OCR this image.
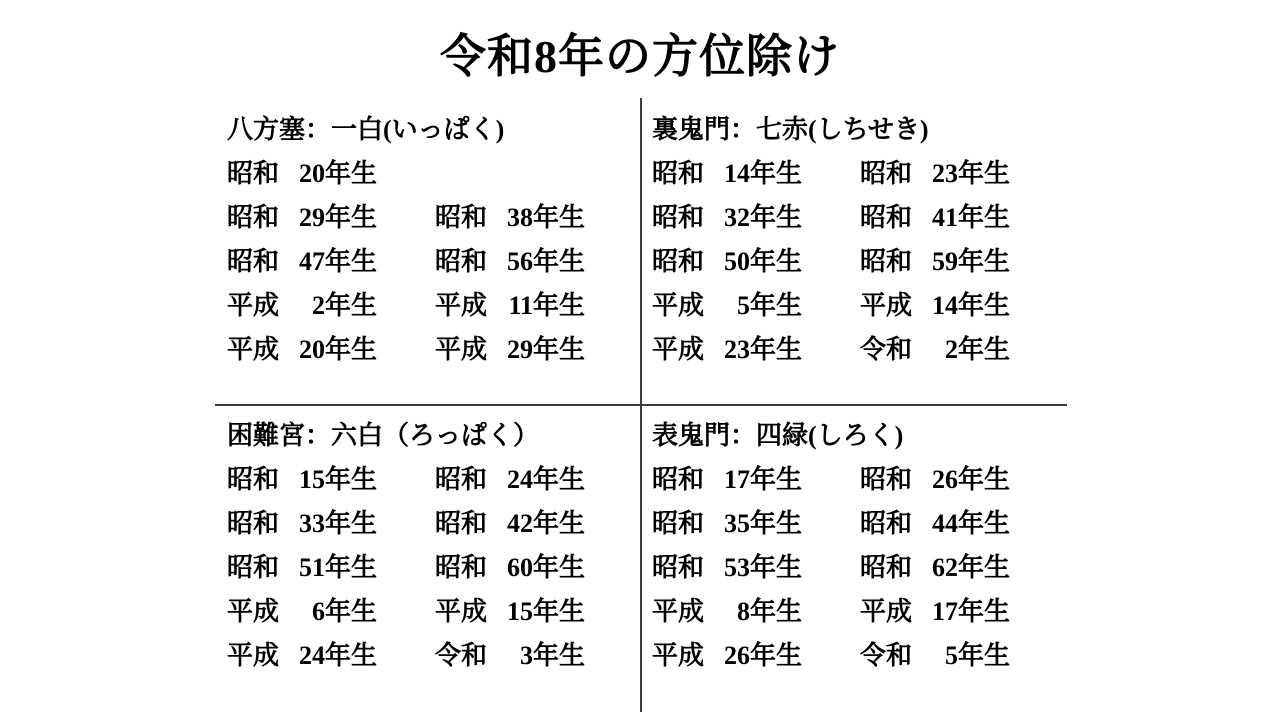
令和8年の方位除け
八方塞：一白(いっぱく)
昭和 20 年生
昭和 29 年生 昭和 38 年生
昭和 47 年生 昭和 56 年生
平成	2 年生 平成 11 年生
平成 20 年生 平成 29 年生
裏鬼門：七赤(しちせき)
昭和 14 年生 昭和 23 年生
昭和 32 年生 昭和 41 年生
昭和 50 年生 昭和 59 年生
平成	5 年生 平成 14 年生
平成 23 年生 令和	2 年生
困難宮：六白（ろっぱく）
昭和 15 年生 昭和 24 年生
昭和 33 年生 昭和 42 年生
昭和 51 年生 昭和 60 年生
平成	6 年生 平成 15 年生
平成 24 年生 令和	3 年生
表鬼門：四緑(しろく)
昭和 17 年生 昭和 26 年生
昭和 35 年生 昭和 44 年生
昭和 53 年生 昭和 62 年生
平成	8 年生 平成 17 年生
平成 26 年生 令和	5 年生
